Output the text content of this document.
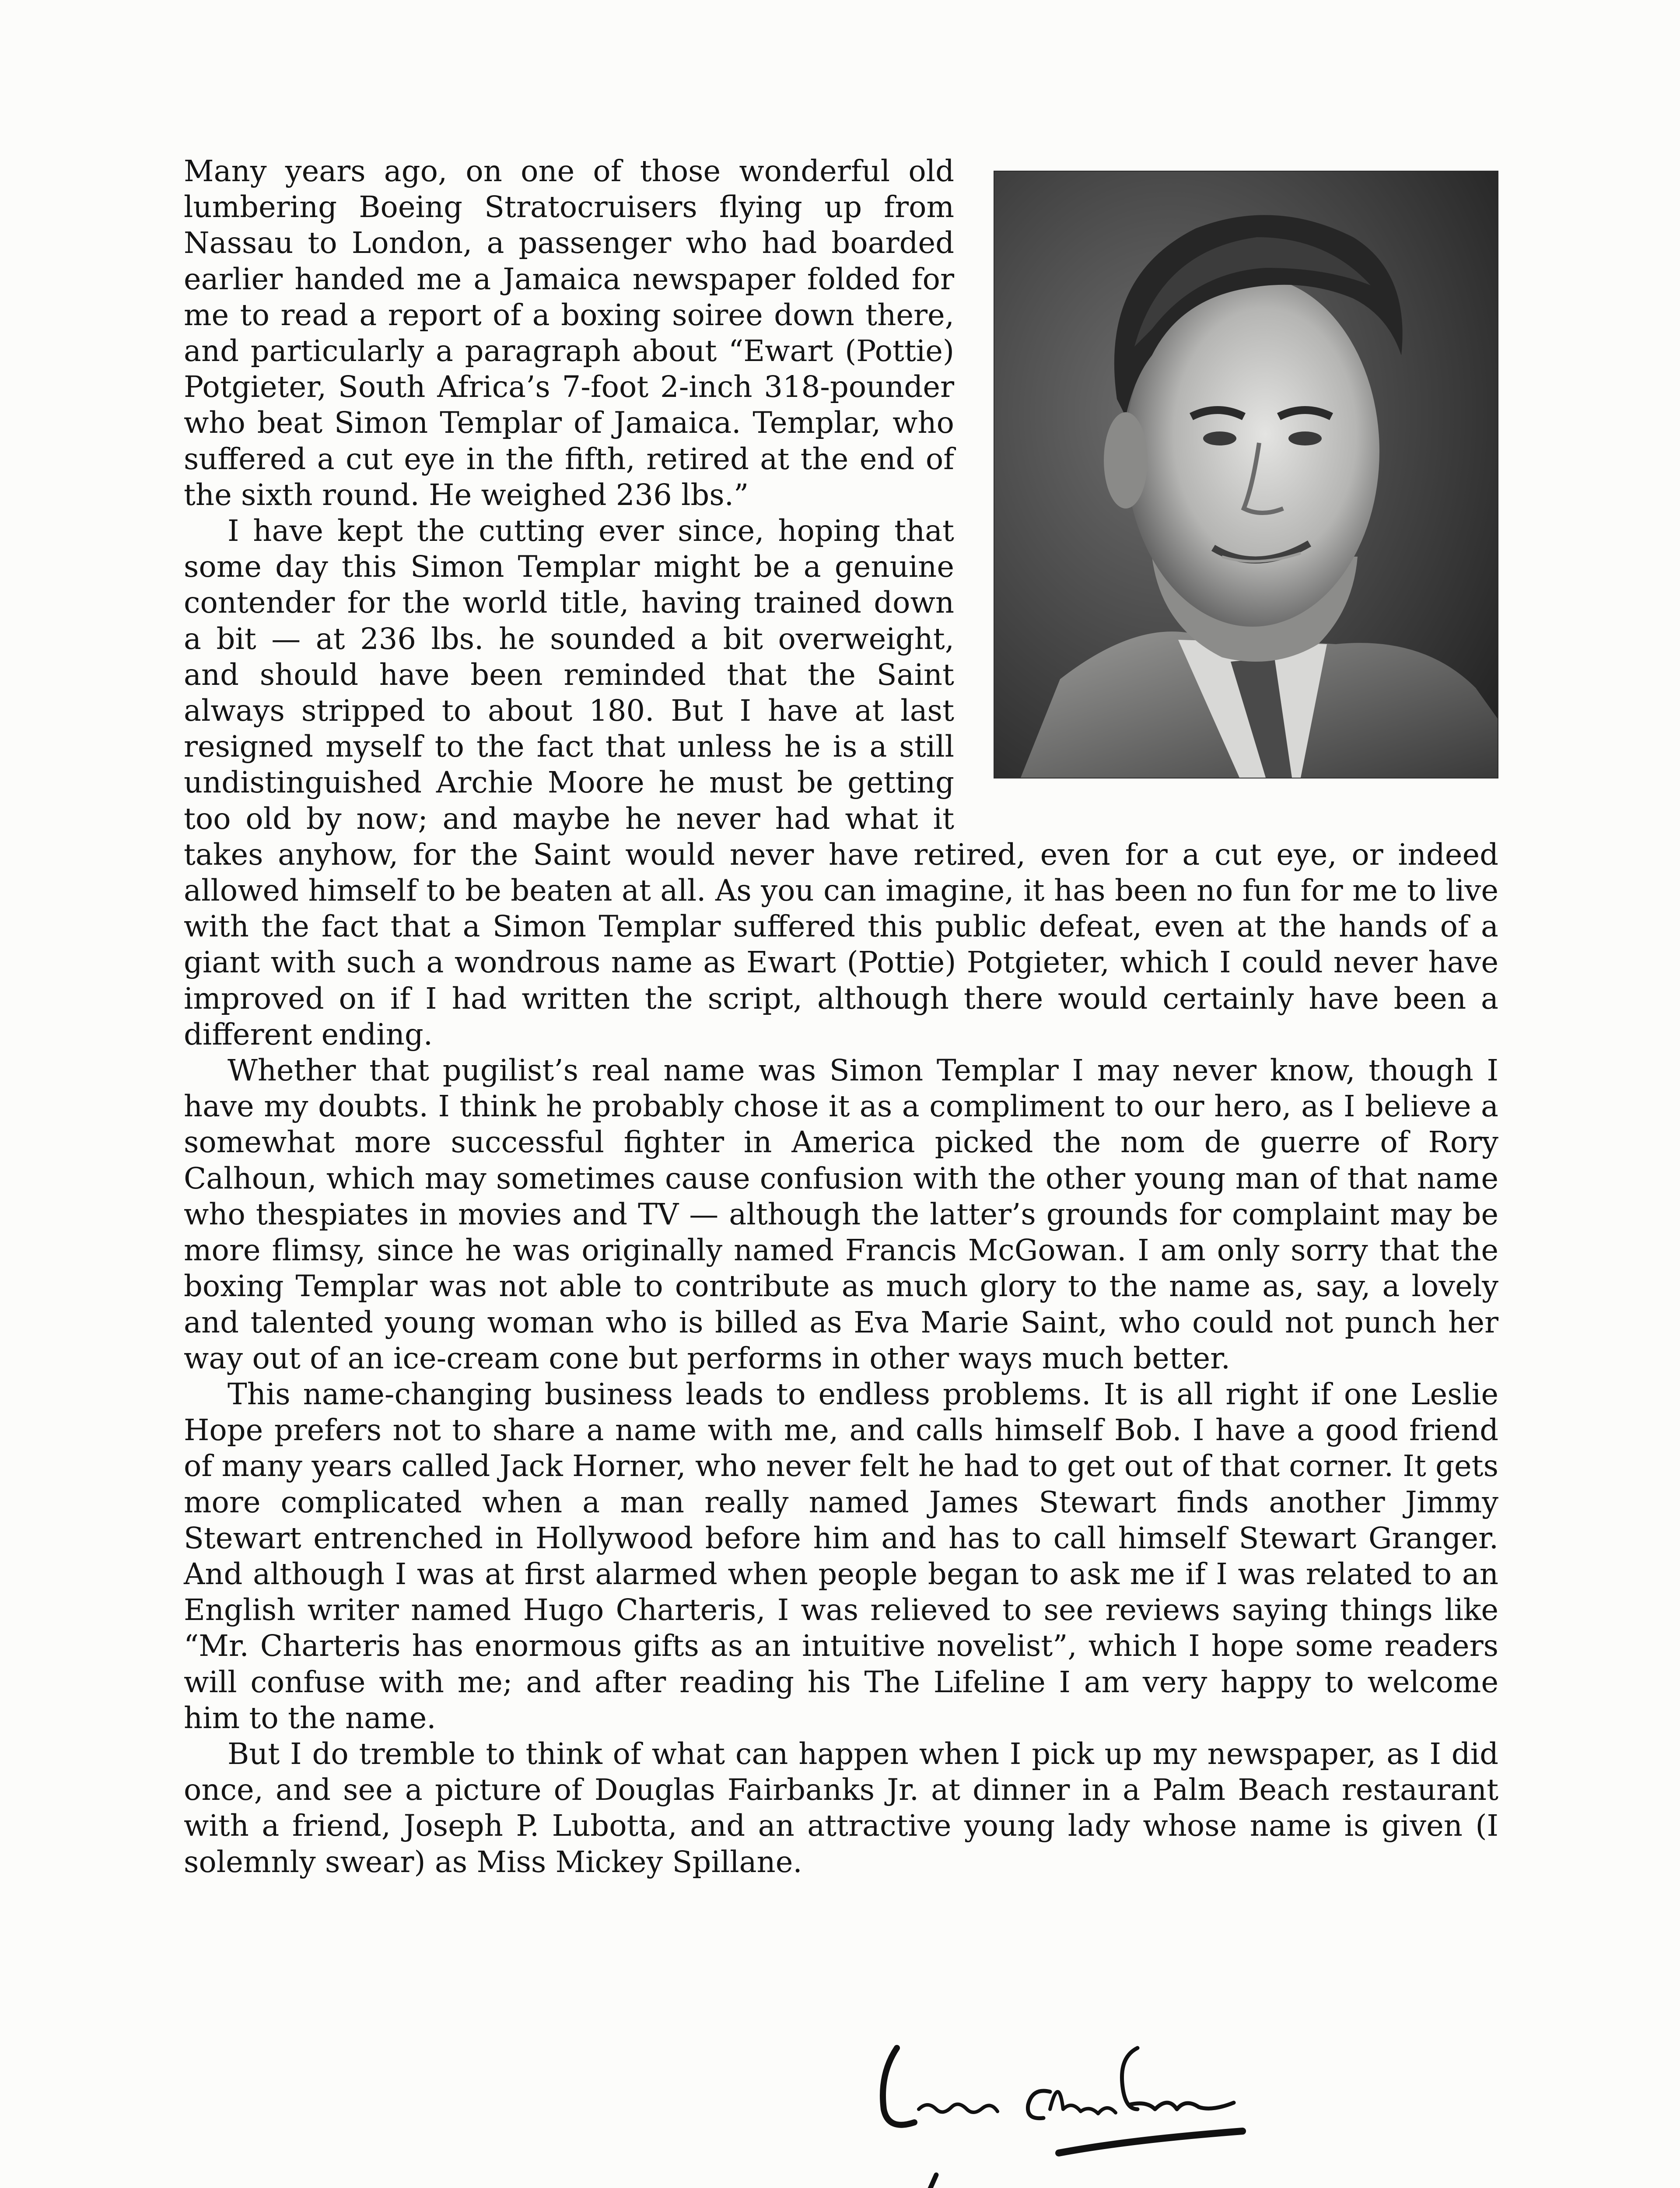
Many years ago, on one of those wonderful old lumbering Boeing Stratocruisers flying up from Nassau to London, a passenger who had boarded earlier handed me a Jamaica newspaper folded for me to read a report of a boxing soiree down there, and particularly a paragraph about “Ewart (Pottie) Potgieter, South Africa’s 7-foot 2-inch 318-pounder who beat Simon Templar of Jamaica. Templar, who suffered a cut eye in the fifth, retired at the end of the sixth round. He weighed 236 lbs.”

I have kept the cutting ever since, hoping that some day this Simon Templar might be a genuine contender for the world title, having trained down a bit — at 236 lbs. he sounded a bit overweight, and should have been reminded that the Saint always stripped to about 180. But I have at last resigned myself to the fact that unless he is a still undistinguished Archie Moore he must be getting too old by now; and maybe he never had what it takes anyhow, for the Saint would never have retired, even for a cut eye, or indeed allowed himself to be beaten at all. As you can imagine, it has been no fun for me to live with the fact that a Simon Templar suffered this public defeat, even at the hands of a giant with such a wondrous name as Ewart (Pottie) Potgieter, which I could never have improved on if I had written the script, although there would certainly have been a different ending.

Whether that pugilist’s real name was Simon Templar I may never know, though I have my doubts. I think he probably chose it as a compliment to our hero, as I believe a somewhat more successful fighter in America picked the nom de guerre of Rory Calhoun, which may sometimes cause confusion with the other young man of that name who thespiates in movies and TV — although the latter’s grounds for complaint may be more flimsy, since he was originally named Francis McGowan. I am only sorry that the boxing Templar was not able to contribute as much glory to the name as, say, a lovely and talented young woman who is billed as Eva Marie Saint, who could not punch her way out of an ice-cream cone but performs in other ways much better.

This name-changing business leads to endless problems. It is all right if one Leslie Hope prefers not to share a name with me, and calls himself Bob. I have a good friend of many years called Jack Horner, who never felt he had to get out of that corner. It gets more complicated when a man really named James Stewart finds another Jimmy Stewart entrenched in Hollywood before him and has to call himself Stewart Granger. And although I was at first alarmed when people began to ask me if I was related to an English writer named Hugo Charteris, I was relieved to see reviews saying things like “Mr. Charteris has enormous gifts as an intuitive novelist”, which I hope some readers will confuse with me; and after reading his The Lifeline I am very happy to welcome him to the name.

But I do tremble to think of what can happen when I pick up my newspaper, as I did once, and see a picture of Douglas Fairbanks Jr. at dinner in a Palm Beach restaurant with a friend, Joseph P. Lubotta, and an attractive young lady whose name is given (I solemnly swear) as Miss Mickey Spillane.
